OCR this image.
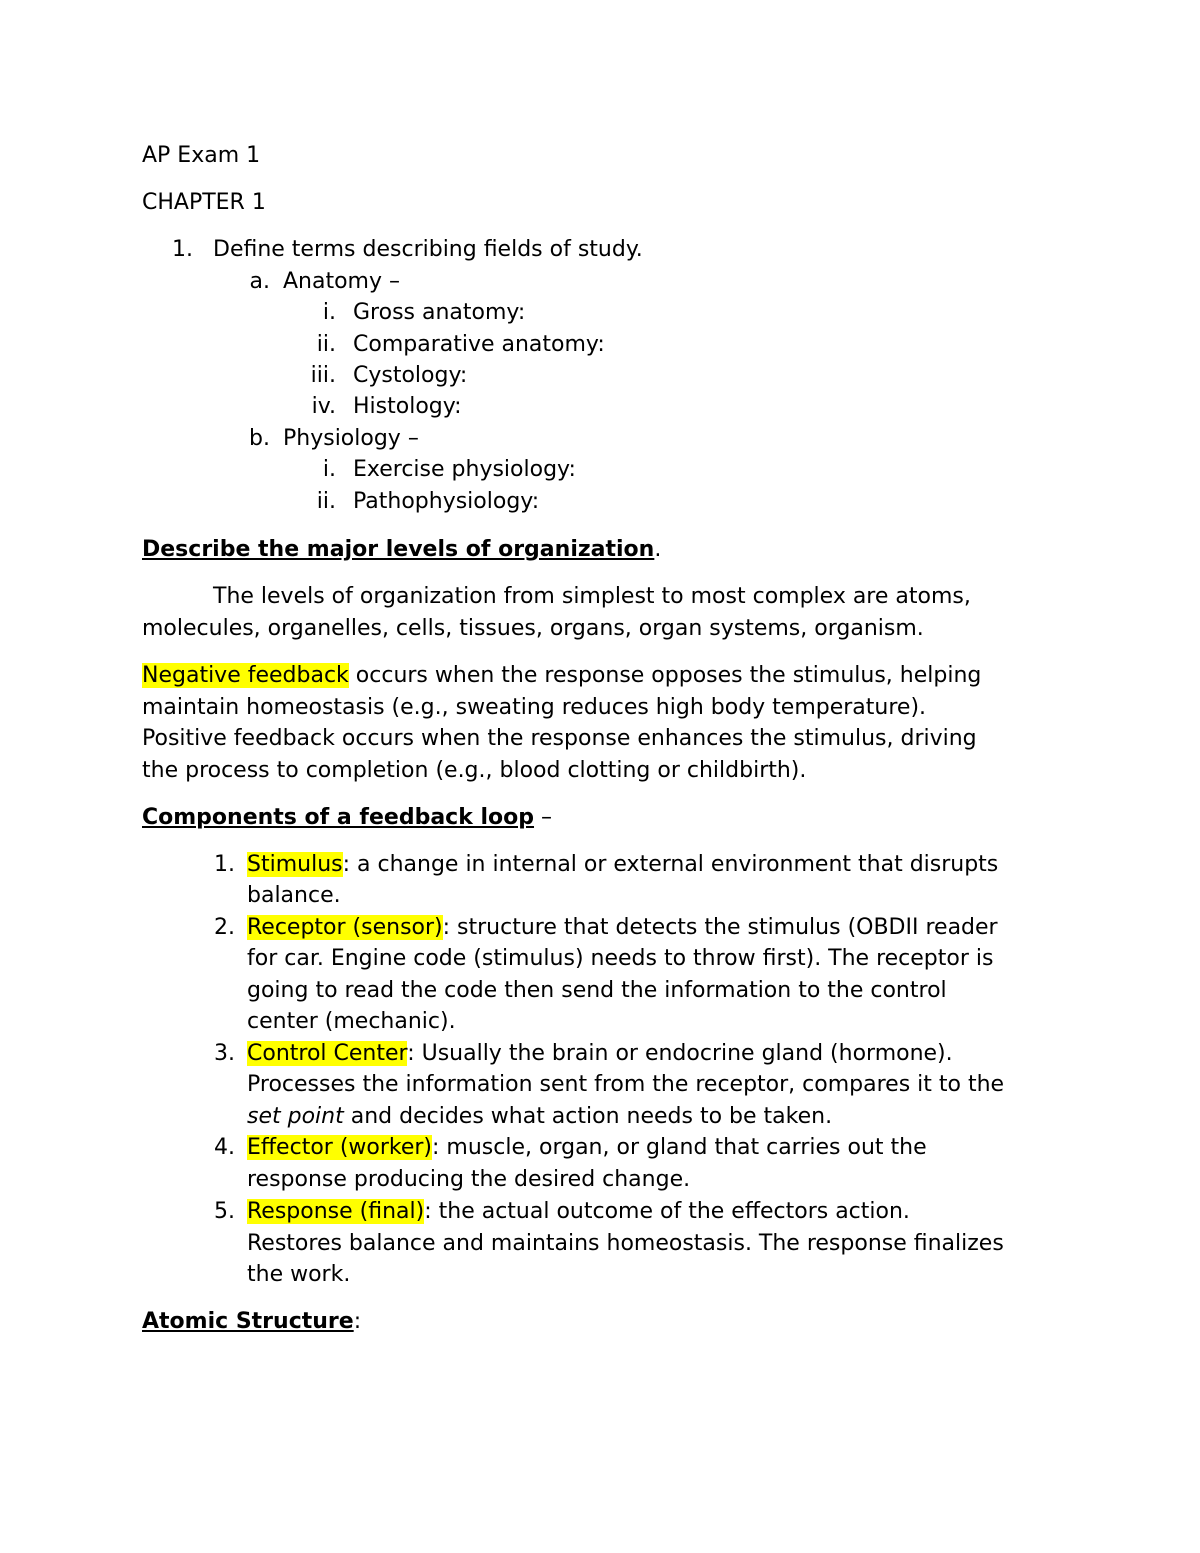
AP Exam 1
CHAPTER 1
1. Define terms describing fields of study.
a. Anatomy –
i. Gross anatomy:
ii. Comparative anatomy:
iii. Cystology:
iv. Histology:
b. Physiology –
i. Exercise physiology:
ii. Pathophysiology:
Describe the major levels of organization.
The levels of organization from simplest to most complex are atoms,
molecules, organelles, cells, tissues, organs, organ systems, organism.
Negative feedback occurs when the response opposes the stimulus, helping
maintain homeostasis (e.g., sweating reduces high body temperature).
Positive feedback occurs when the response enhances the stimulus, driving
the process to completion (e.g., blood clotting or childbirth).
Components of a feedback loop –
1. Stimulus: a change in internal or external environment that disrupts
balance.
2. Receptor (sensor): structure that detects the stimulus (OBDII reader
for car. Engine code (stimulus) needs to throw first). The receptor is
going to read the code then send the information to the control
center (mechanic).
3. Control Center: Usually the brain or endocrine gland (hormone).
Processes the information sent from the receptor, compares it to the
set point and decides what action needs to be taken.
4. Effector (worker): muscle, organ, or gland that carries out the
response producing the desired change.
5. Response (final): the actual outcome of the effectors action.
Restores balance and maintains homeostasis. The response finalizes
the work.
Atomic Structure:
